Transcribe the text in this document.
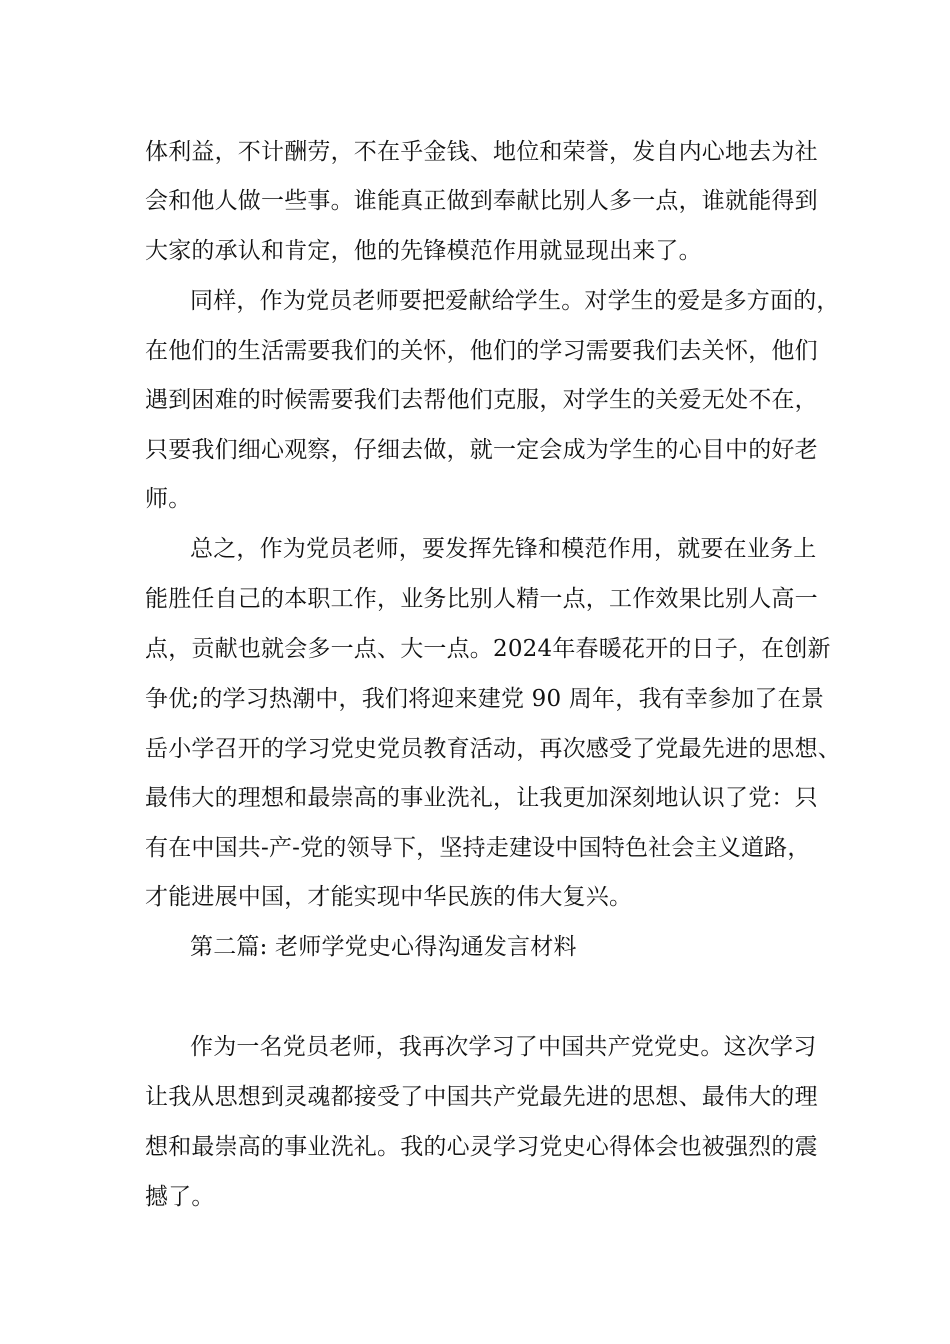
体利益，不计酬劳，不在乎金钱、地位和荣誉，发自内心地去为社
会和他人做一些事。谁能真正做到奉献比别人多一点，谁就能得到
大家的承认和肯定，他的先锋模范作用就显现出来了。
同样，作为党员老师要把爱献给学生。对学生的爱是多方面的，
在他们的生活需要我们的关怀，他们的学习需要我们去关怀，他们
遇到困难的时候需要我们去帮他们克服，对学生的关爱无处不在，
只要我们细心观察，仔细去做，就一定会成为学生的心目中的好老
师。
总之，作为党员老师，要发挥先锋和模范作用，就要在业务上
能胜任自己的本职工作，业务比别人精一点，工作效果比别人高一
点，贡献也就会多一点、大一点。2024年春暖花开的日子，在创新
争优;的学习热潮中，我们将迎来建党 90 周年，我有幸参加了在景
岳小学召开的学习党史党员教育活动，再次感受了党最先进的思想、
最伟大的理想和最崇高的事业洗礼，让我更加深刻地认识了党：只
有在中国共-产-党的领导下，坚持走建设中国特色社会主义道路，
才能进展中国，才能实现中华民族的伟大复兴。
第二篇: 老师学党史心得沟通发言材料
作为一名党员老师，我再次学习了中国共产党党史。这次学习
让我从思想到灵魂都接受了中国共产党最先进的思想、最伟大的理
想和最崇高的事业洗礼。我的心灵学习党史心得体会也被强烈的震
撼了。
